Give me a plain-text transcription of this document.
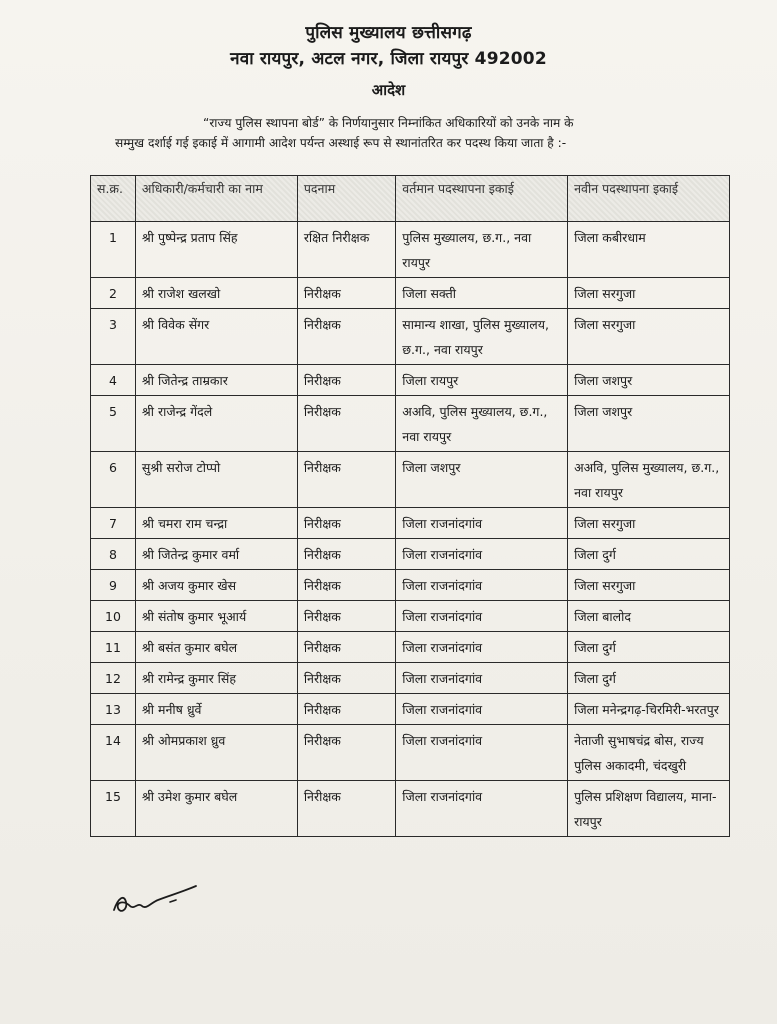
पुलिस मुख्यालय छत्तीसगढ़
नवा रायपुर, अटल नगर, जिला रायपुर 492002
आदेश
“राज्य पुलिस स्थापना बोर्ड” के निर्णयानुसार निम्नांकित अधिकारियों को उनके नाम के
सम्मुख दर्शाई गई इकाई में आगामी आदेश पर्यन्त अस्थाई रूप से स्थानांतरित कर पदस्थ किया जाता है :-
स.क्र.	अधिकारी/कर्मचारी का नाम	पदनाम	वर्तमान पदस्थापना इकाई	नवीन पदस्थापना इकाई
1	श्री पुष्पेन्द्र प्रताप सिंह	रक्षित निरीक्षक	पुलिस मुख्यालय, छ.ग., नवा रायपुर	जिला कबीरधाम
2	श्री राजेश खलखो	निरीक्षक	जिला सक्ती	जिला सरगुजा
3	श्री विवेक सेंगर	निरीक्षक	सामान्य शाखा, पुलिस मुख्यालय, छ.ग., नवा रायपुर	जिला सरगुजा
4	श्री जितेन्द्र ताम्रकार	निरीक्षक	जिला रायपुर	जिला जशपुर
5	श्री राजेन्द्र गेंदले	निरीक्षक	अअवि, पुलिस मुख्यालय, छ.ग., नवा रायपुर	जिला जशपुर
6	सुश्री सरोज टोप्पो	निरीक्षक	जिला जशपुर	अअवि, पुलिस मुख्यालय, छ.ग., नवा रायपुर
7	श्री चमरा राम चन्द्रा	निरीक्षक	जिला राजनांदगांव	जिला सरगुजा
8	श्री जितेन्द्र कुमार वर्मा	निरीक्षक	जिला राजनांदगांव	जिला दुर्ग
9	श्री अजय कुमार खेस	निरीक्षक	जिला राजनांदगांव	जिला सरगुजा
10	श्री संतोष कुमार भूआर्य	निरीक्षक	जिला राजनांदगांव	जिला बालोद
11	श्री बसंत कुमार बघेल	निरीक्षक	जिला राजनांदगांव	जिला दुर्ग
12	श्री रामेन्द्र कुमार सिंह	निरीक्षक	जिला राजनांदगांव	जिला दुर्ग
13	श्री मनीष ध्रुर्वे	निरीक्षक	जिला राजनांदगांव	जिला मनेन्द्रगढ़-चिरमिरी-भरतपुर
14	श्री ओमप्रकाश ध्रुव	निरीक्षक	जिला राजनांदगांव	नेताजी सुभाषचंद्र बोस, राज्य पुलिस अकादमी, चंदखुरी
15	श्री उमेश कुमार बघेल	निरीक्षक	जिला राजनांदगांव	पुलिस प्रशिक्षण विद्यालय, माना-रायपुर
